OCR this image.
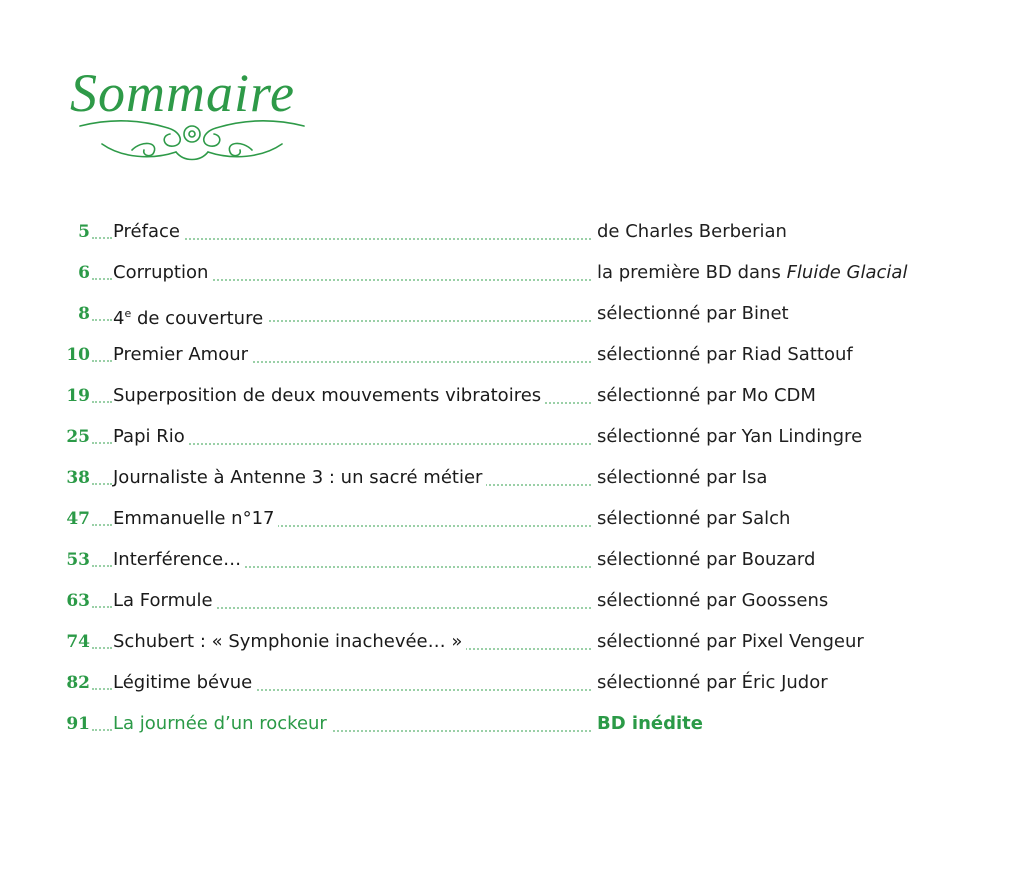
Sommaire
5 Préface	de Charles Berberian
6 Corruption	la première BD dans Fluide Glacial
8 4e de couverture	sélectionné par Binet
10 Premier Amour	sélectionné par Riad Sattouf
19 Superposition de deux mouvements vibratoires	sélectionné par Mo CDM
25 Papi Rio	sélectionné par Yan Lindingre
38 Journaliste à Antenne 3 : un sacré métier	sélectionné par Isa
47 Emmanuelle n°17	sélectionné par Salch
53 Interférence…	sélectionné par Bouzard
63 La Formule	sélectionné par Goossens
74 Schubert : « Symphonie inachevée… »	sélectionné par Pixel Vengeur
82 Légitime bévue	sélectionné par Éric Judor
91 La journée d’un rockeur	BD inédite
